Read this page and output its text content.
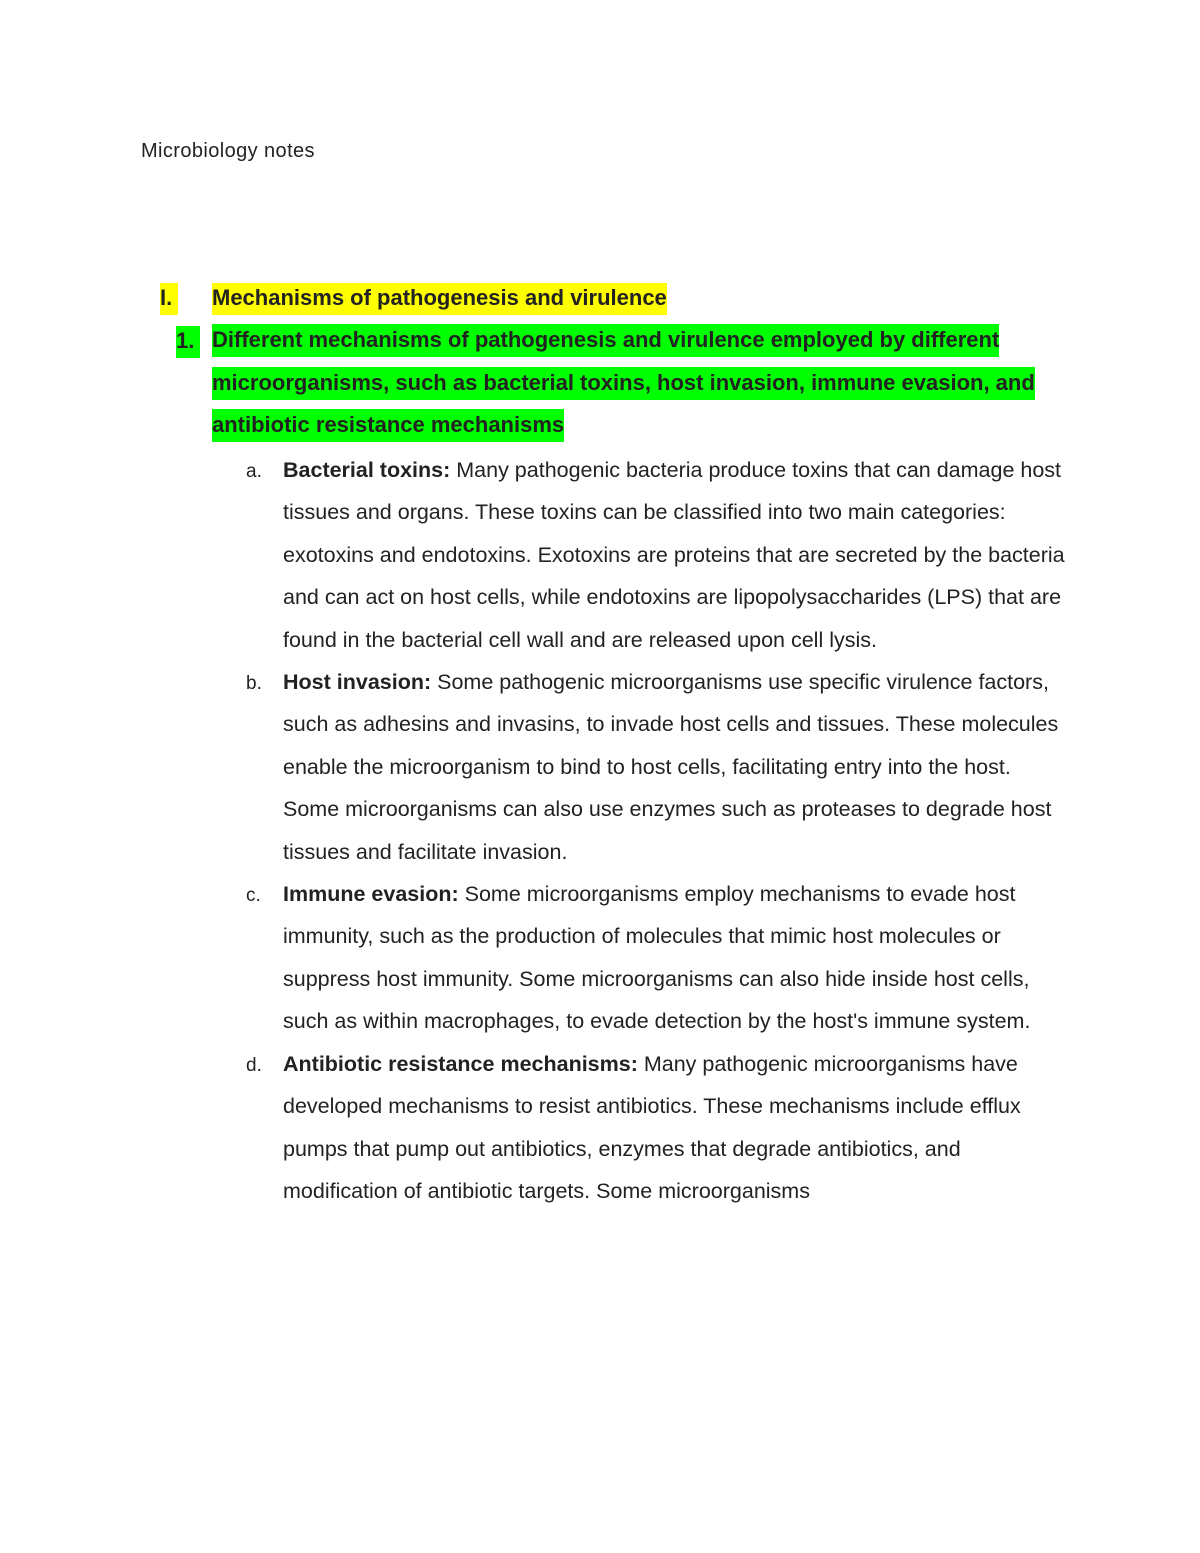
Microbiology notes
I. Mechanisms of pathogenesis and virulence
1. Different mechanisms of pathogenesis and virulence employed by different microorganisms, such as bacterial toxins, host invasion, immune evasion, and antibiotic resistance mechanisms
a. Bacterial toxins: Many pathogenic bacteria produce toxins that can damage host tissues and organs. These toxins can be classified into two main categories: exotoxins and endotoxins. Exotoxins are proteins that are secreted by the bacteria and can act on host cells, while endotoxins are lipopolysaccharides (LPS) that are found in the bacterial cell wall and are released upon cell lysis.
b. Host invasion: Some pathogenic microorganisms use specific virulence factors, such as adhesins and invasins, to invade host cells and tissues. These molecules enable the microorganism to bind to host cells, facilitating entry into the host. Some microorganisms can also use enzymes such as proteases to degrade host tissues and facilitate invasion.
c. Immune evasion: Some microorganisms employ mechanisms to evade host immunity, such as the production of molecules that mimic host molecules or suppress host immunity. Some microorganisms can also hide inside host cells, such as within macrophages, to evade detection by the host's immune system.
d. Antibiotic resistance mechanisms: Many pathogenic microorganisms have developed mechanisms to resist antibiotics. These mechanisms include efflux pumps that pump out antibiotics, enzymes that degrade antibiotics, and modification of antibiotic targets. Some microorganisms
